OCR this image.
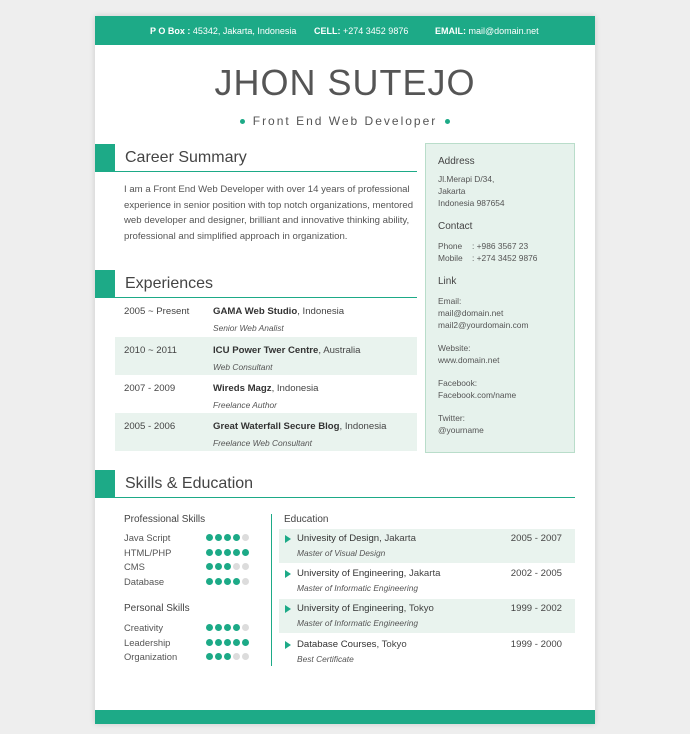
P O Box : 45342, Jakarta, Indonesia CELL: +274 3452 9876	EMAIL: mail@domain.net
JHON SUTEJO
Front End Web Developer
Career Summary
I am a Front End Web Developer with over 14 years of professional experience in senior position with top notch organizations, mentored web developer and designer, brilliant and innovative thinking ability, professional and simplified approach in organization.
Experiences
2005 ~ Present GAMA Web Studio, Indonesia
Senior Web Analist
2010 ~ 2011	ICU Power Twer Centre, Australia
Web Consultant
2007 - 2009	Wireds Magz, Indonesia
Freelance Author
2005 - 2006	Great Waterfall Secure Blog, Indonesia
Freelance Web Consultant
Address
Jl.Merapi D/34,
Jakarta
Indonesia 987654
Contact
Phone : +986 3567 23
Mobile : +274 3452 9876
Link
Email:
mail@domain.net
mail2@yourdomain.com
Website:
www.domain.net
Facebook:
Facebook.com/name
Twitter:
@yourname
Skills & Education
Professional Skills
Java Script
HTML/PHP
CMS
Database
Personal Skills
Creativity
Leadership
Organization
Education
Univesity of Design, Jakarta
Master of Visual Design
2005 - 2007
University of Engineering, Jakarta
Master of Informatic Engineering
2002 - 2005
University of Engineering, Tokyo
Master of Informatic Engineering
1999 - 2002
Database Courses, Tokyo
Best Certificate
1999 - 2000
